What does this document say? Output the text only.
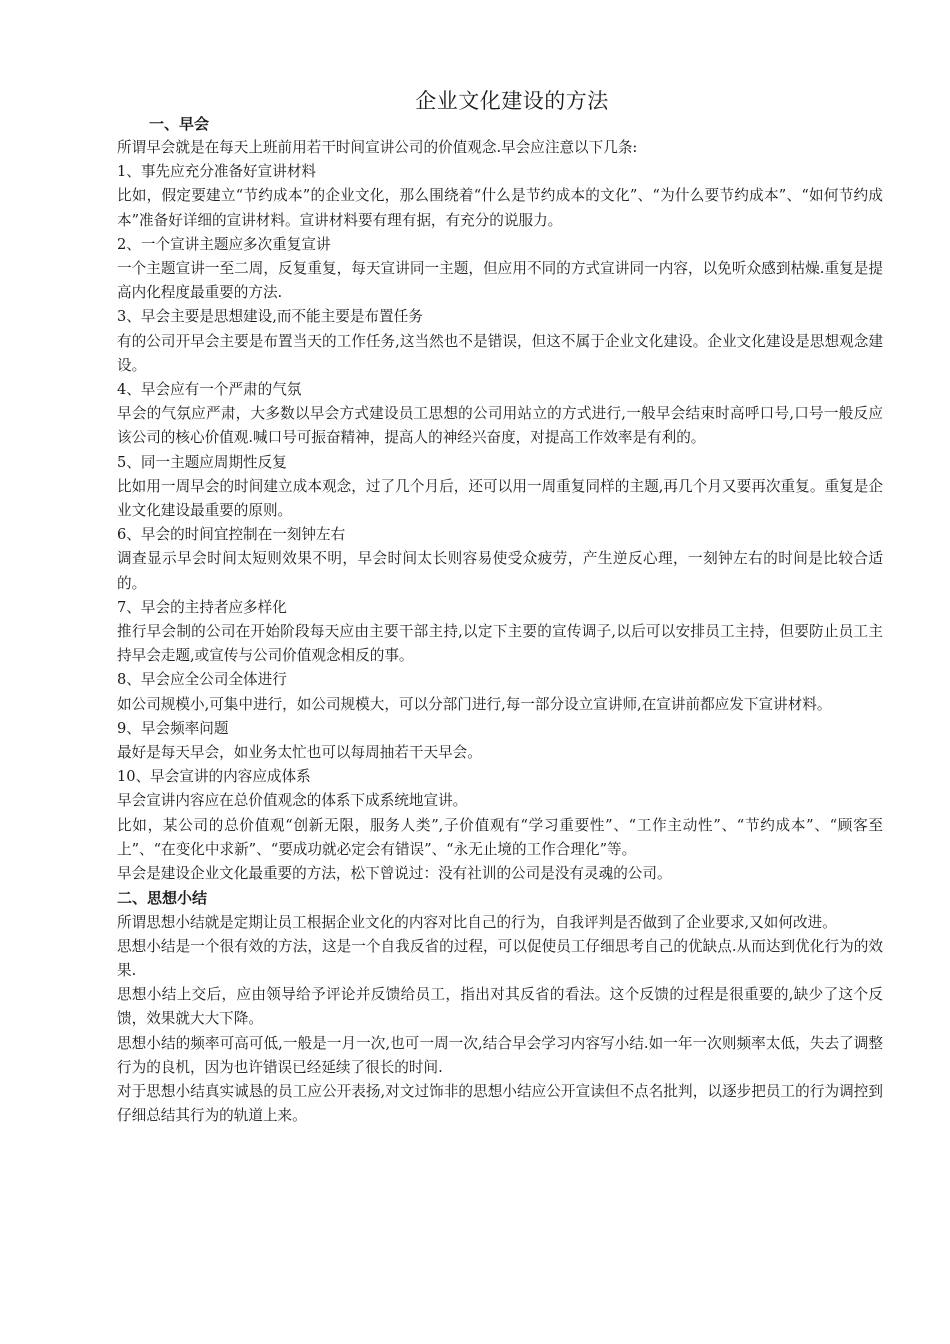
企业文化建设的方法
一、早会

所谓早会就是在每天上班前用若干时间宣讲公司的价值观念.早会应注意以下几条:

1、事先应充分准备好宣讲材料

比如，假定要建立“节约成本”的企业文化，那么围绕着“什么是节约成本的文化”、“为什么要节约成本”、“如何节约成本”准备好详细的宣讲材料。宣讲材料要有理有据，有充分的说服力。

2、一个宣讲主题应多次重复宣讲

一个主题宣讲一至二周，反复重复，每天宣讲同一主题，但应用不同的方式宣讲同一内容，以免听众感到枯燥.重复是提高内化程度最重要的方法.

3、早会主要是思想建设,而不能主要是布置任务

有的公司开早会主要是布置当天的工作任务,这当然也不是错误，但这不属于企业文化建设。企业文化建设是思想观念建设。

4、早会应有一个严肃的气氛

早会的气氛应严肃，大多数以早会方式建设员工思想的公司用站立的方式进行,一般早会结束时高呼口号,口号一般反应该公司的核心价值观.喊口号可振奋精神，提高人的神经兴奋度，对提高工作效率是有利的。

5、同一主题应周期性反复

比如用一周早会的时间建立成本观念，过了几个月后，还可以用一周重复同样的主题,再几个月又要再次重复。重复是企业文化建设最重要的原则。

6、早会的时间宜控制在一刻钟左右

调查显示早会时间太短则效果不明，早会时间太长则容易使受众疲劳，产生逆反心理，一刻钟左右的时间是比较合适的。

7、早会的主持者应多样化

推行早会制的公司在开始阶段每天应由主要干部主持,以定下主要的宣传调子,以后可以安排员工主持，但要防止员工主持早会走题,或宣传与公司价值观念相反的事。

8、早会应全公司全体进行

如公司规模小,可集中进行，如公司规模大，可以分部门进行,每一部分设立宣讲师,在宣讲前都应发下宣讲材料。

9、早会频率问题

最好是每天早会，如业务太忙也可以每周抽若干天早会。

10、早会宣讲的内容应成体系

早会宣讲内容应在总价值观念的体系下成系统地宣讲。

比如，某公司的总价值观“创新无限，服务人类”,子价值观有“学习重要性”、“工作主动性”、“节约成本”、“顾客至上”、“在变化中求新”、“要成功就必定会有错误”、“永无止境的工作合理化”等。

早会是建设企业文化最重要的方法，松下曾说过：没有社训的公司是没有灵魂的公司。

二、思想小结

所谓思想小结就是定期让员工根据企业文化的内容对比自己的行为，自我评判是否做到了企业要求,又如何改进。

思想小结是一个很有效的方法，这是一个自我反省的过程，可以促使员工仔细思考自己的优缺点.从而达到优化行为的效果.

思想小结上交后，应由领导给予评论并反馈给员工，指出对其反省的看法。这个反馈的过程是很重要的,缺少了这个反馈，效果就大大下降。

思想小结的频率可高可低,一般是一月一次,也可一周一次,结合早会学习内容写小结.如一年一次则频率太低，失去了调整行为的良机，因为也许错误已经延续了很长的时间.

对于思想小结真实诚恳的员工应公开表扬,对文过饰非的思想小结应公开宣读但不点名批判，以逐步把员工的行为调控到仔细总结其行为的轨道上来。
